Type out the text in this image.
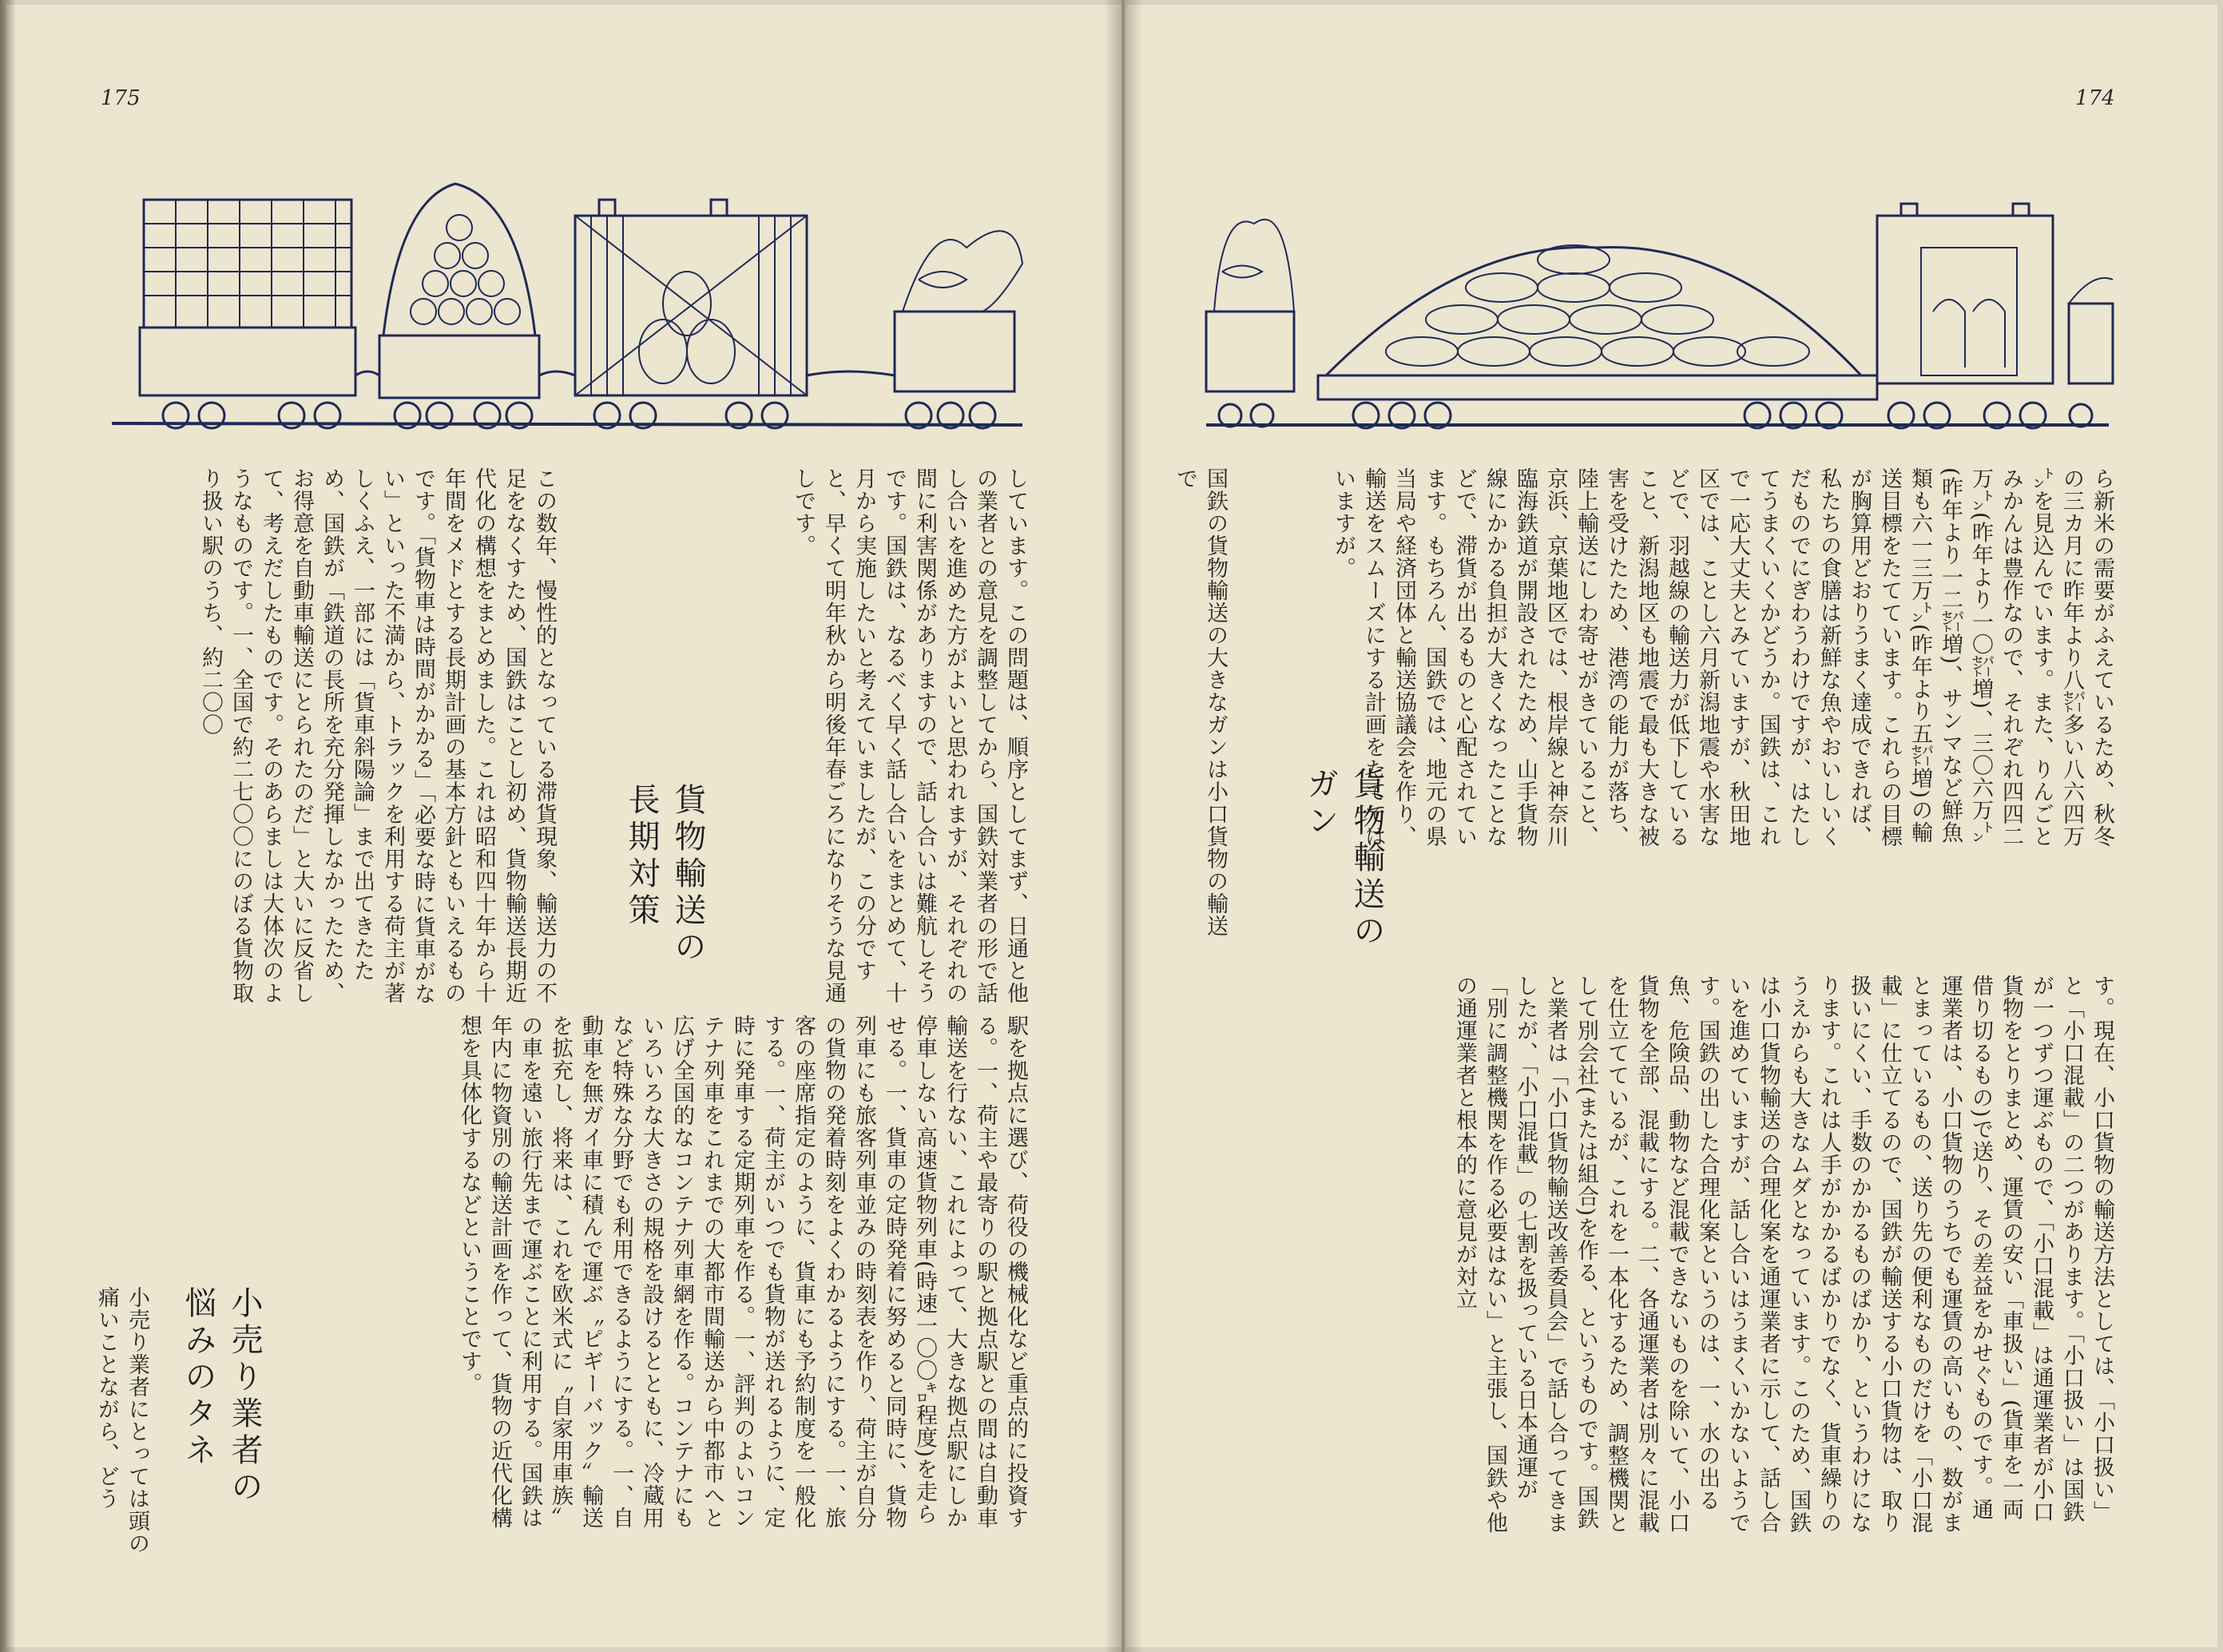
175	174
ら新米の需要がふえているため、秋冬の三カ月に昨年より八㌫多い八六四万㌧を見込んでいます。また、りんごとみかんは豊作なので、それぞれ四四二万㌧(昨年より一〇㌫増)、三〇六万㌧(昨年より一二㌫増)、サンマなど鮮魚類も六一三万㌧(昨年より五㌫増)の輸送目標をたてています。これらの目標が胸算用どおりうまく達成できれば、私たちの食膳は新鮮な魚やおいしいくだものでにぎわうわけですが、はたしてうまくいくかどうか。国鉄は、これで一応大丈夫とみていますが、秋田地区では、ことし六月新潟地震や水害などで、羽越線の輸送力が低下していること、新潟地区も地震で最も大きな被害を受けたため、港湾の能力が落ち、陸上輸送にしわ寄せがきていること、京浜、京葉地区では、根岸線と神奈川臨海鉄道が開設されたため、山手貨物線にかかる負担が大きくなったことなどで、滞貨が出るものと心配されています。もちろん、国鉄では、地元の県当局や経済団体と輸送協議会を作り、輸送をスムーズにする計画をたててはいますが。
貨物輸送のガン
国鉄の貨物輸送の大きなガンは小口貨物の輸送で
す。現在、小口貨物の輸送方法としては、「小口扱い」と「小口混載」の二つがあります。「小口扱い」は国鉄が一つずつ運ぶもので、「小口混載」は通運業者が小口貨物をとりまとめ、運賃の安い「車扱い」(貨車を一両借り切るもの)で送り、その差益をかせぐものです。通運業者は、小口貨物のうちでも運賃の高いもの、数がまとまっているもの、送り先の便利なものだけを「小口混載」に仕立てるので、国鉄が輸送する小口貨物は、取り扱いにくい、手数のかかるものばかり、というわけになります。これは人手がかかるばかりでなく、貨車繰りのうえからも大きなムダとなっています。このため、国鉄は小口貨物輸送の合理化案を通運業者に示して、話し合いを進めていますが、話し合いはうまくいかないようです。国鉄の出した合理化案というのは、一、水の出る魚、危険品、動物など混載できないものを除いて、小口貨物を全部、混載にする。二、各通運業者は別々に混載を仕立てているが、これを一本化するため、調整機関として別会社(または組合)を作る、というものです。国鉄と業者は「小口貨物輸送改善委員会」で話し合ってきましたが、「小口混載」の七割を扱っている日本通運が「別に調整機関を作る必要はない」と主張し、国鉄や他の通運業者と根本的に意見が対立
しています。この問題は、順序としてまず、日通と他の業者との意見を調整してから、国鉄対業者の形で話し合いを進めた方がよいと思われますが、それぞれの間に利害関係がありますので、話し合いは難航しそうです。国鉄は、なるべく早く話し合いをまとめて、十月から実施したいと考えていましたが、この分ですと、早くて明年秋から明後年春ごろになりそうな見通しです。
貨物輸送の長期対策
この数年、慢性的となっている滞貨現象、輸送力の不足をなくすため、国鉄はことし初め、貨物輸送長期近代化の構想をまとめました。これは昭和四十年から十年間をメドとする長期計画の基本方針ともいえるものです。「貨物車は時間がかかる」「必要な時に貨車がない」といった不満から、トラックを利用する荷主が著しくふえ、一部には「貨車斜陽論」まで出てきたため、国鉄が「鉄道の長所を充分発揮しなかったため、お得意を自動車輸送にとられたのだ」と大いに反省して、考えだしたものです。そのあらましは大体次のようなものです。一、全国で約二七〇〇にのぼる貨物取り扱い駅のうち、約二〇〇
駅を拠点に選び、荷役の機械化など重点的に投資する。一、荷主や最寄りの駅と拠点駅との間は自動車輸送を行ない、これによって、大きな拠点駅にしか停車しない高速貨物列車(時速一〇〇㌔程度)を走らせる。一、貨車の定時発着に努めると同時に、貨物列車にも旅客列車並みの時刻表を作り、荷主が自分の貨物の発着時刻をよくわかるようにする。一、旅客の座席指定のように、貨車にも予約制度を一般化する。一、荷主がいつでも貨物が送れるように、定時に発車する定期列車を作る。一、評判のよいコンテナ列車をこれまでの大都市間輸送から中都市へと広げ全国的なコンテナ列車網を作る。コンテナにもいろいろな大きさの規格を設けるとともに、冷蔵用など特殊な分野でも利用できるようにする。一、自動車を無ガイ車に積んで運ぶ〝ピギーバック〟輸送を拡充し、将来は、これを欧米式に〝自家用車族〟の車を遠い旅行先まで運ぶことに利用する。国鉄は年内に物資別の輸送計画を作って、貨物の近代化構想を具体化するなどということです。
小売り業者の悩みのタネ
小売り業者にとっては頭の痛いことながら、どう
